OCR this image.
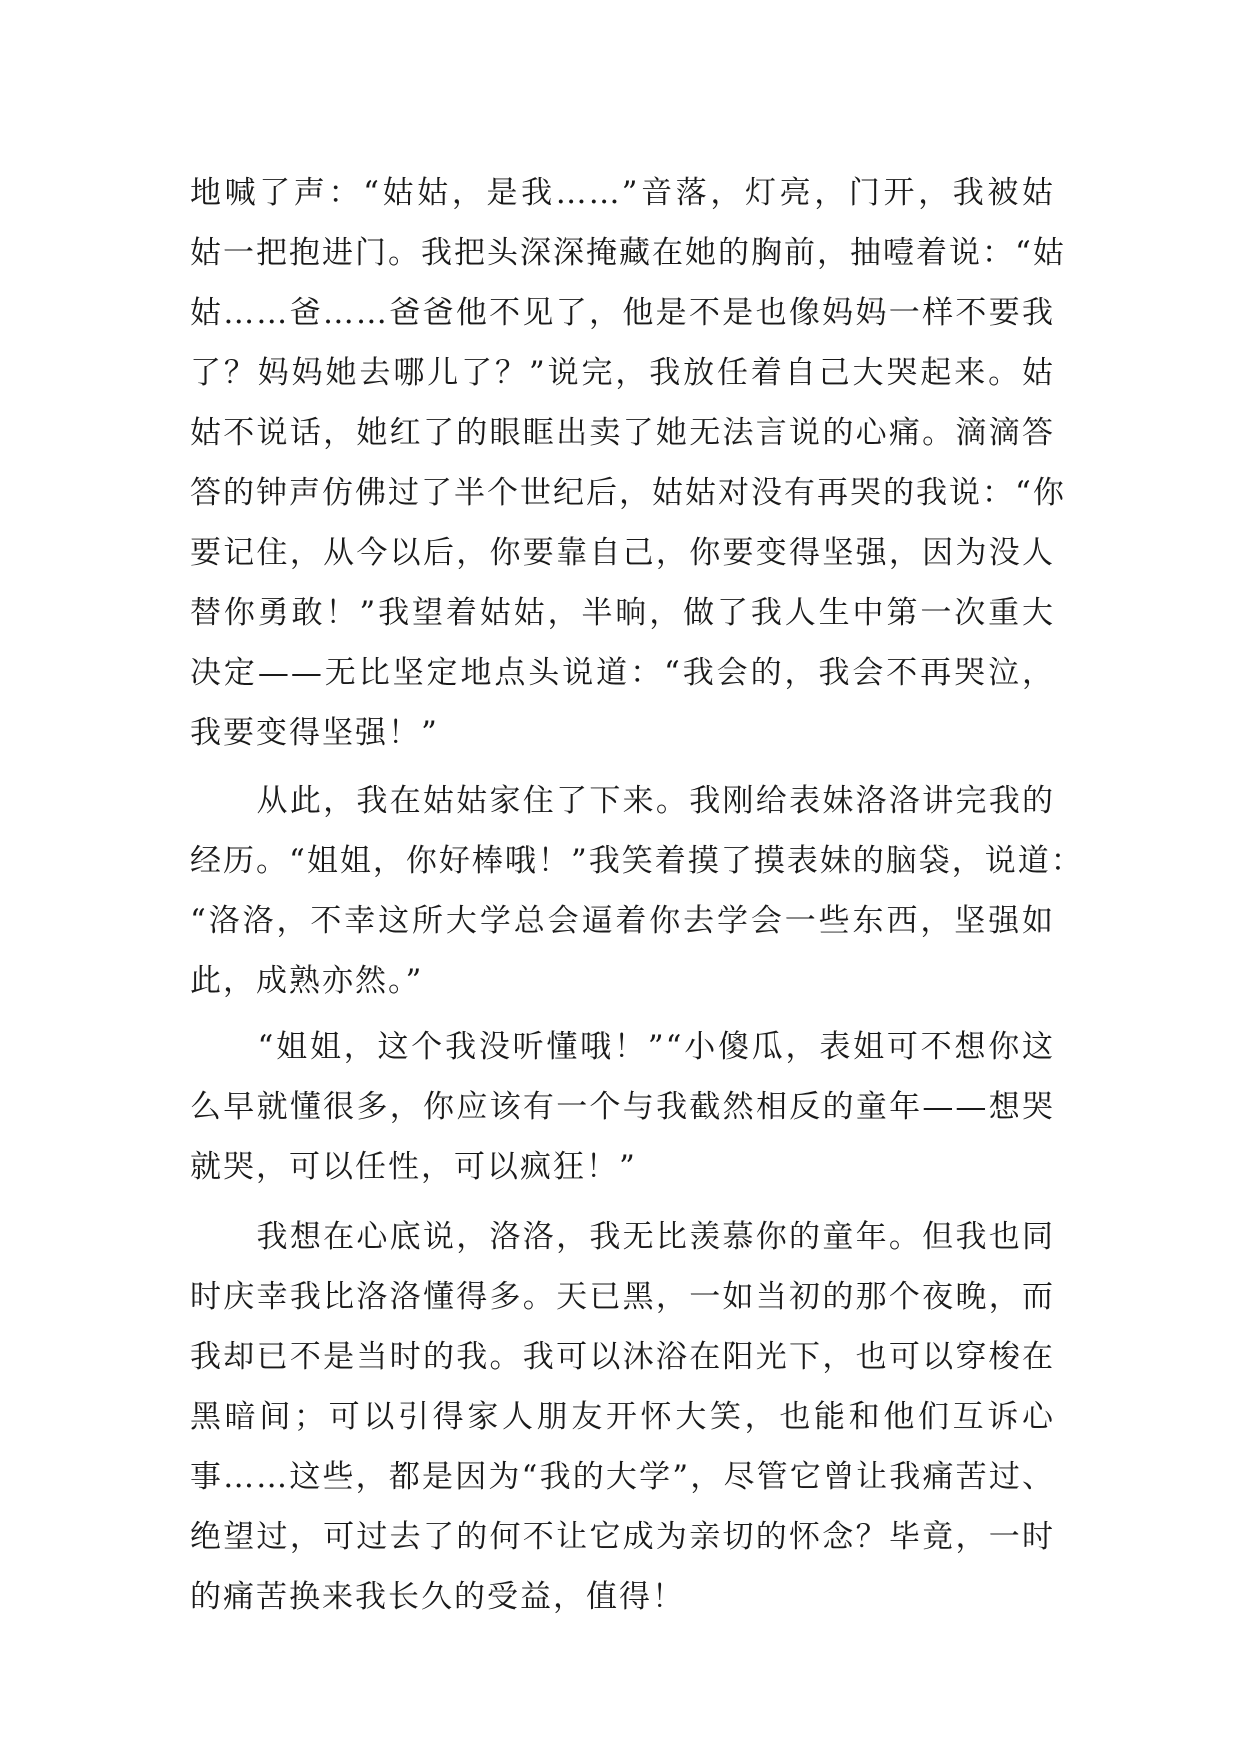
地喊了声：“姑姑，是我……”音落，灯亮，门开，我被姑
姑一把抱进门。我把头深深掩藏在她的胸前，抽噎着说：“姑
姑……爸……爸爸他不见了，他是不是也像妈妈一样不要我
了？妈妈她去哪儿了？”说完，我放任着自己大哭起来。姑
姑不说话，她红了的眼眶出卖了她无法言说的心痛。滴滴答
答的钟声仿佛过了半个世纪后，姑姑对没有再哭的我说：“你
要记住，从今以后，你要靠自己，你要变得坚强，因为没人
替你勇敢！”我望着姑姑，半晌，做了我人生中第一次重大
决定——无比坚定地点头说道：“我会的，我会不再哭泣，
我要变得坚强！”
　　从此，我在姑姑家住了下来。我刚给表妹洛洛讲完我的
经历。“姐姐，你好棒哦！”我笑着摸了摸表妹的脑袋，说道：
“洛洛，不幸这所大学总会逼着你去学会一些东西，坚强如
此，成熟亦然。”
　　“姐姐，这个我没听懂哦！”“小傻瓜，表姐可不想你这
么早就懂很多，你应该有一个与我截然相反的童年——想哭
就哭，可以任性，可以疯狂！”
　　我想在心底说，洛洛，我无比羡慕你的童年。但我也同
时庆幸我比洛洛懂得多。天已黑，一如当初的那个夜晚，而
我却已不是当时的我。我可以沐浴在阳光下，也可以穿梭在
黑暗间；可以引得家人朋友开怀大笑，也能和他们互诉心
事……这些，都是因为“我的大学”，尽管它曾让我痛苦过、
绝望过，可过去了的何不让它成为亲切的怀念？毕竟，一时
的痛苦换来我长久的受益，值得！
